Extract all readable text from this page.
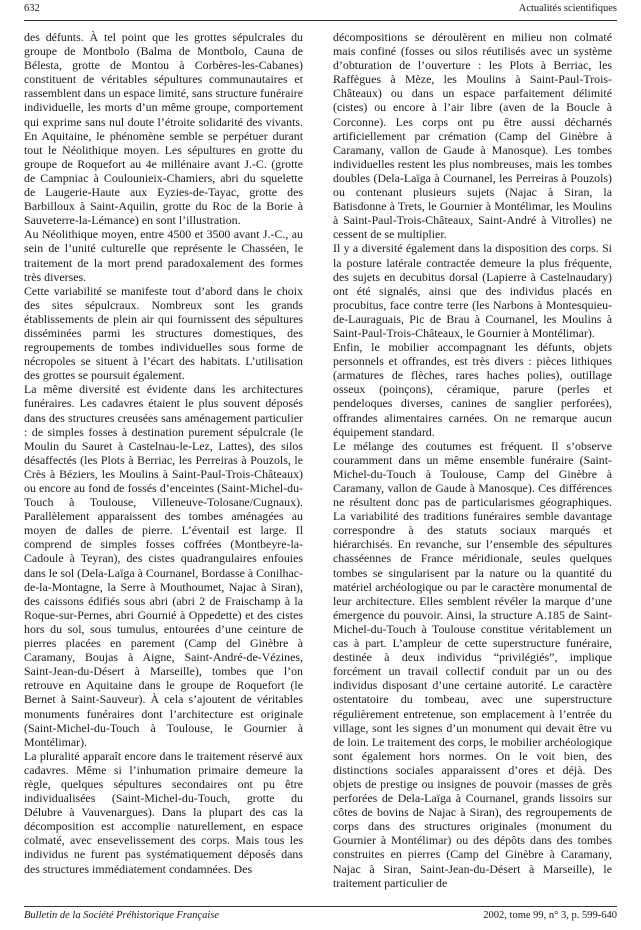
632	Actualités scientifiques

des défunts. À tel point que les grottes sépulcrales du groupe de Montbolo (Balma de Montbolo, Cauna de Bélesta, grotte de Montou à Corbères-les-Cabanes) constituent de véritables sépultures communautaires et rassemblent dans un espace limité, sans structure funéraire individuelle, les morts d’un même groupe, comportement qui exprime sans nul doute l’étroite solidarité des vivants. En Aquitaine, le phénomène semble se perpétuer durant tout le Néolithique moyen. Les sépultures en grotte du groupe de Roquefort au 4e millénaire avant J.-C. (grotte de Campniac à Coulounieix-Chamiers, abri du squelette de Laugerie-Haute aux Eyzies-de-Tayac, grotte des Barbilloux à Saint-Aquilin, grotte du Roc de la Borie à Sauveterre-la-Lémance) en sont l’illustration.

Au Néolithique moyen, entre 4500 et 3500 avant J.-C., au sein de l’unité culturelle que représente le Chasséen, le traitement de la mort prend paradoxalement des formes très diverses.

Cette variabilité se manifeste tout d’abord dans le choix des sites sépulcraux. Nombreux sont les grands établissements de plein air qui fournissent des sépultures disséminées parmi les structures domestiques, des regroupements de tombes individuelles sous forme de nécropoles se situent à l’écart des habitats. L’utilisation des grottes se poursuit également.

La même diversité est évidente dans les architectures funéraires. Les cadavres étaient le plus souvent déposés dans des structures creusées sans aménagement particulier : de simples fosses à destination purement sépulcrale (le Moulin du Sauret à Castelnau-le-Lez, Lattes), des silos désaffectés (les Plots à Berriac, les Perreiras à Pouzols, le Crès à Béziers, les Moulins à Saint-Paul-Trois-Châteaux) ou encore au fond de fossés d’enceintes (Saint-Michel-du-Touch à Toulouse, Villeneuve-Tolosane/Cugnaux). Parallèlement apparaissent des tombes aménagées au moyen de dalles de pierre. L’éventail est large. Il comprend de simples fosses coffrées (Montbeyre-la-Cadoule à Teyran), des cistes quadrangulaires enfouies dans le sol (Dela-Laïga à Cournanel, Bordasse à Conilhac-de-la-Montagne, la Serre à Mouthoumet, Najac à Siran), des caissons édifiés sous abri (abri 2 de Fraischamp à la Roque-sur-Pernes, abri Gournié à Oppedette) et des cistes hors du sol, sous tumulus, entourées d’une ceinture de pierres placées en parement (Camp del Ginèbre à Caramany, Boujas à Aigne, Saint-André-de-Vézines, Saint-Jean-du-Désert à Marseille), tombes que l’on retrouve en Aquitaine dans le groupe de Roquefort (le Bernet à Saint-Sauveur). À cela s’ajoutent de véritables monuments funéraires dont l’architecture est originale (Saint-Michel-du-Touch à Toulouse, le Gournier à Montélimar).

La pluralité apparaît encore dans le traitement réservé aux cadavres. Même si l’inhumation primaire demeure la règle, quelques sépultures secondaires ont pu être individualisées (Saint-Michel-du-Touch, grotte du Délubre à Vauvenargues). Dans la plupart des cas la décomposition est accomplie naturellement, en espace colmaté, avec ensevelissement des corps. Mais tous les individus ne furent pas systématiquement déposés dans des structures immédiatement condamnées. Des

décompositions se déroulèrent en milieu non colmaté mais confiné (fosses ou silos réutilisés avec un système d’obturation de l’ouverture : les Plots à Berriac, les Raffègues à Mèze, les Moulins à Saint-Paul-Trois-Châteaux) ou dans un espace parfaitement délimité (cistes) ou encore à l’air libre (aven de la Boucle à Corconne). Les corps ont pu être aussi décharnés artificiellement par crémation (Camp del Ginèbre à Caramany, vallon de Gaude à Manosque). Les tombes individuelles restent les plus nombreuses, mais les tombes doubles (Dela-Laïga à Cournanel, les Perreiras à Pouzols) ou contenant plusieurs sujets (Najac à Siran, la Batisdonne à Trets, le Gournier à Montélimar, les Moulins à Saint-Paul-Trois-Châteaux, Saint-André à Vitrolles) ne cessent de se multiplier.

Il y a diversité également dans la disposition des corps. Si la posture latérale contractée demeure la plus fréquente, des sujets en decubitus dorsal (Lapierre à Castelnaudary) ont été signalés, ainsi que des individus placés en procubitus, face contre terre (les Narbons à Montesquieu-de-Lauraguais, Pic de Brau à Cournanel, les Moulins à Saint-Paul-Trois-Châteaux, le Gournier à Montélimar).

Enfin, le mobilier accompagnant les défunts, objets personnels et offrandes, est très divers : pièces lithiques (armatures de flèches, rares haches polies), outillage osseux (poinçons), céramique, parure (perles et pendeloques diverses, canines de sanglier perforées), offrandes alimentaires carnées. On ne remarque aucun équipement standard.

Le mélange des coutumes est fréquent. Il s’observe couramment dans un même ensemble funéraire (Saint-Michel-du-Touch à Toulouse, Camp del Ginèbre à Caramany, vallon de Gaude à Manosque). Ces différences ne résultent donc pas de particularismes géographiques. La variabilité des traditions funéraires semble davantage correspondre à des statuts sociaux marqués et hiérarchisés. En revanche, sur l’ensemble des sépultures chasséennes de France méridionale, seules quelques tombes se singularisent par la nature ou la quantité du matériel archéologique ou par le caractère monumental de leur architecture. Elles semblent révéler la marque d’une émergence du pouvoir. Ainsi, la structure A.185 de Saint-Michel-du-Touch à Toulouse constitue véritablement un cas à part. L’ampleur de cette superstructure funéraire, destinée à deux individus “privilégiés”, implique forcément un travail collectif conduit par un ou des individus disposant d’une certaine autorité. Le caractère ostentatoire du tombeau, avec une superstructure régulièrement entretenue, son emplacement à l’entrée du village, sont les signes d’un monument qui devait être vu de loin. Le traitement des corps, le mobilier archéologique sont également hors normes. On le voit bien, des distinctions sociales apparaissent d’ores et déjà. Des objets de prestige ou insignes de pouvoir (masses de grès perforées de Dela-Laïga à Cournanel, grands lissoirs sur côtes de bovins de Najac à Siran), des regroupements de corps dans des structures originales (monument du Gournier à Montélimar) ou des dépôts dans des tombes construites en pierres (Camp del Ginèbre à Caramany, Najac à Siran, Saint-Jean-du-Désert à Marseille), le traitement particulier de

Bulletin de la Société Préhistorique Française	2002, tome 99, n° 3, p. 599-640
